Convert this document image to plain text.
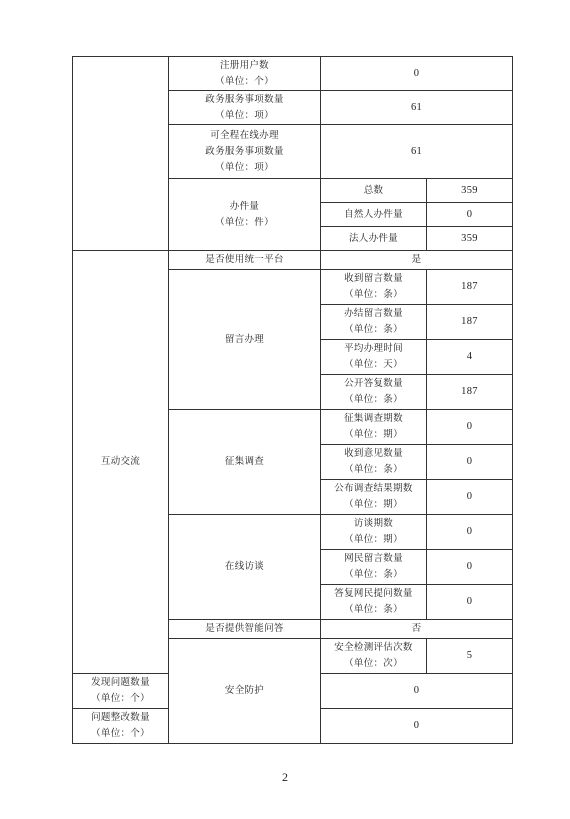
	注册用户数
（单位：个）	0	

	政务服务事项数量
（单位：项）	61	

	可全程在线办理
政务服务事项数量
（单位：项）	61	

	办件量
（单位：件）	总数	359
		自然人办件量	0
		法人办件量	359
互动交流	是否使用统一平台	是	
	留言办理	收到留言数量
（单位：条）	187

		办结留言数量
（单位：条）	187

		平均办理时间
（单位：天）	4

		公开答复数量
（单位：条）	187
	征集调查	征集调查期数
（单位：期）	0

		收到意见数量
（单位：条）	0

		公布调查结果期数
（单位：期）	0
	在线访谈	访谈期数
（单位：期）	0

		网民留言数量
（单位：条）	0

		答复网民提问数量
（单位：条）	0
	是否提供智能问答	否	
	安全防护	安全检测评估次数
（单位：次）	5

发现问题数量
（单位：个）		0	

问题整改数量
（单位：个）		0	
2
